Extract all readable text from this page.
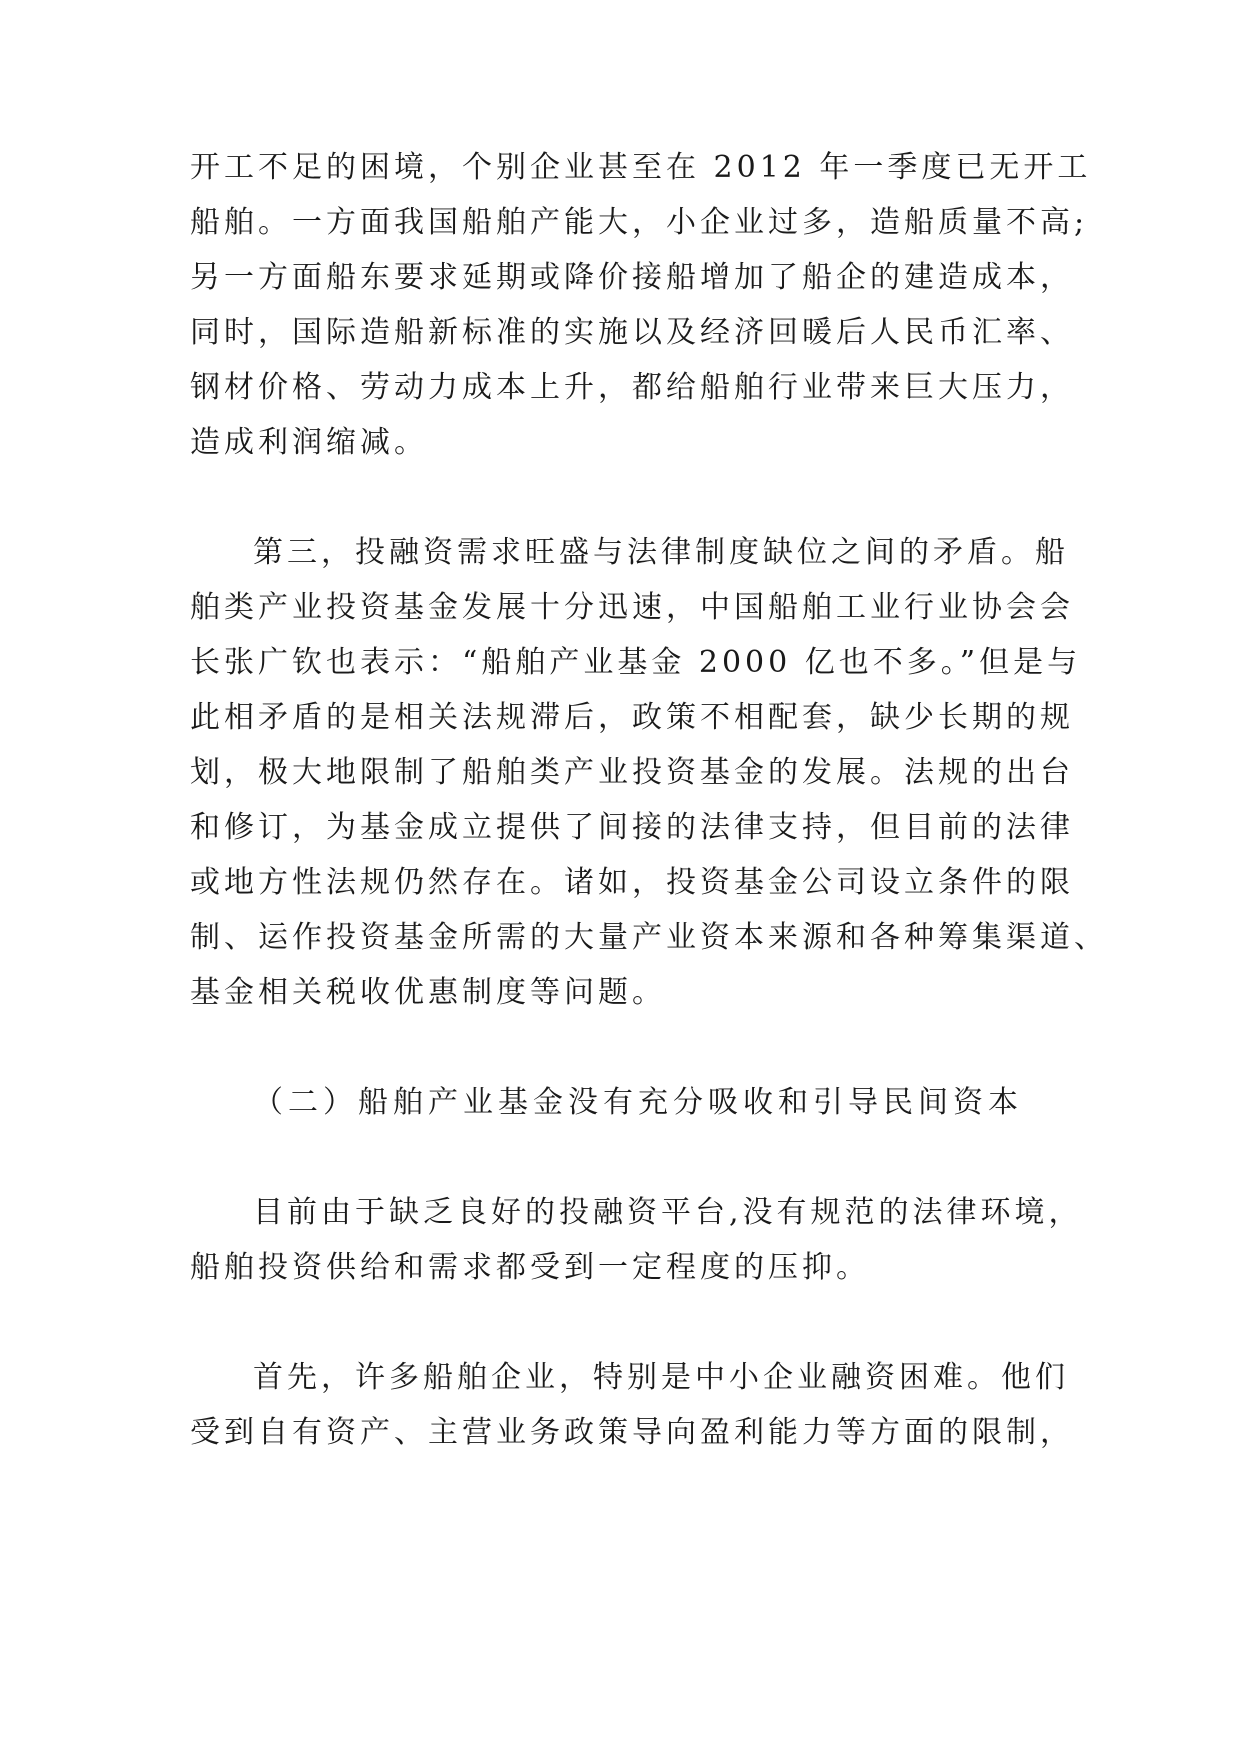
开工不足的困境，个别企业甚至在 2012 年一季度已无开工
船舶。一方面我国船舶产能大，小企业过多，造船质量不高;
另一方面船东要求延期或降价接船增加了船企的建造成本，
同时，国际造船新标准的实施以及经济回暖后人民币汇率、
钢材价格、劳动力成本上升，都给船舶行业带来巨大压力，
造成利润缩减。
第三，投融资需求旺盛与法律制度缺位之间的矛盾。船
舶类产业投资基金发展十分迅速，中国船舶工业行业协会会
长张广钦也表示：“船舶产业基金 2000 亿也不多。”但是与
此相矛盾的是相关法规滞后，政策不相配套，缺少长期的规
划，极大地限制了船舶类产业投资基金的发展。法规的出台
和修订，为基金成立提供了间接的法律支持，但目前的法律
或地方性法规仍然存在。诸如，投资基金公司设立条件的限
制、运作投资基金所需的大量产业资本来源和各种筹集渠道、
基金相关税收优惠制度等问题。
（二）船舶产业基金没有充分吸收和引导民间资本
目前由于缺乏良好的投融资平台,没有规范的法律环境，
船舶投资供给和需求都受到一定程度的压抑。
首先，许多船舶企业，特别是中小企业融资困难。他们
受到自有资产、主营业务政策导向盈利能力等方面的限制，
